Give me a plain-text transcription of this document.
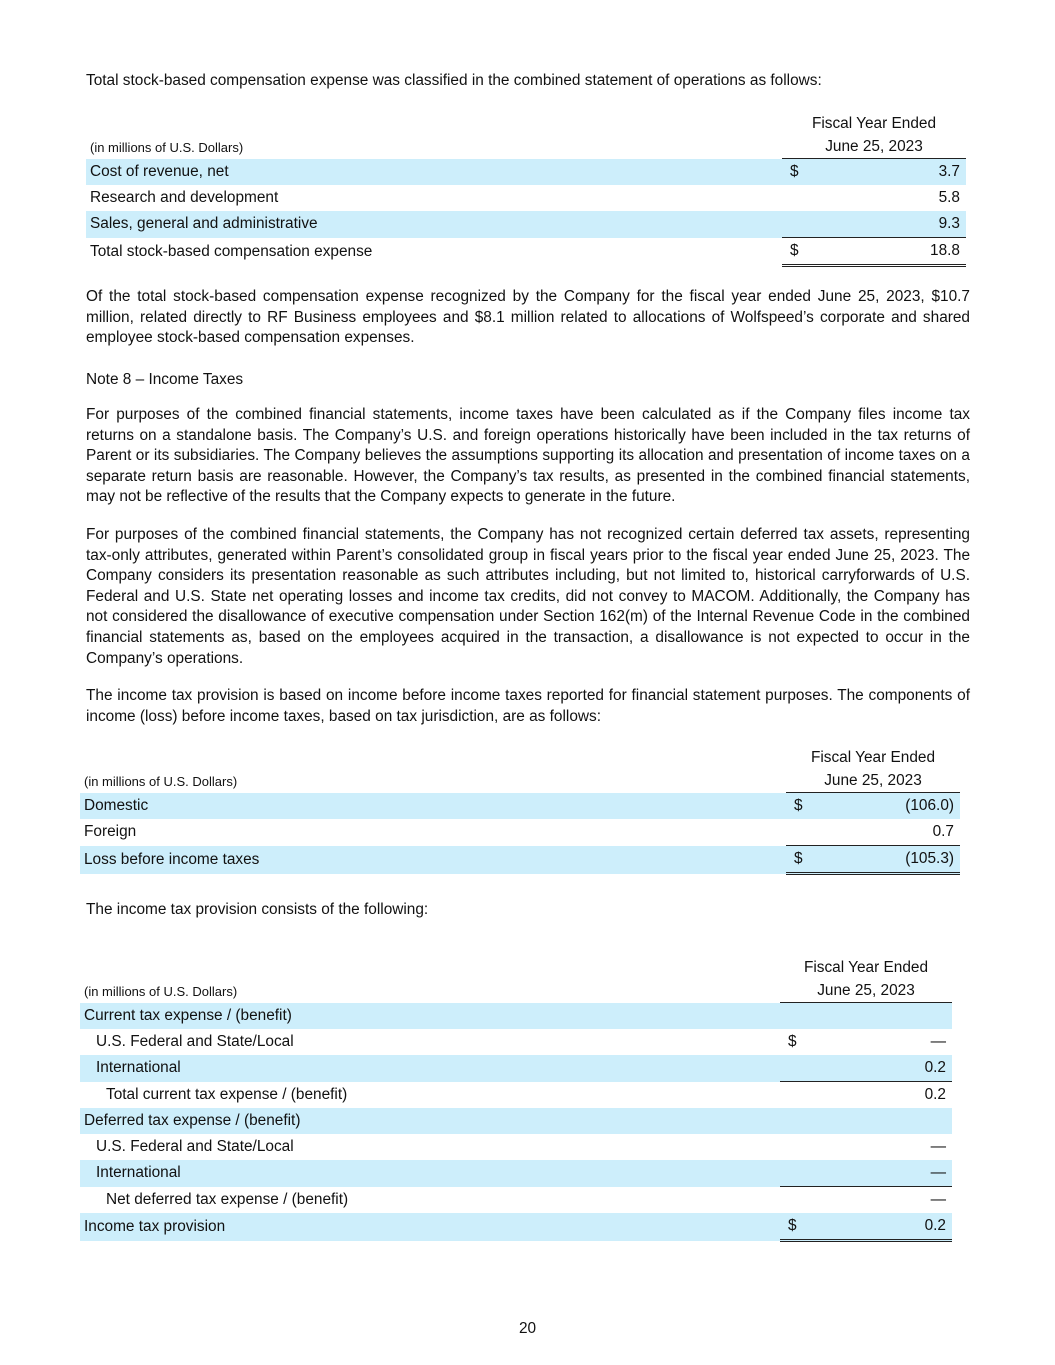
Total stock-based compensation expense was classified in the combined statement of operations as follows:

(in millions of U.S. Dollars)	Fiscal Year Ended
June 25, 2023	

Cost of revenue, net	$	3.7
Research and development		5.8
Sales, general and administrative		9.3
Total stock-based compensation expense	$	18.8

Of the total stock-based compensation expense recognized by the Company for the fiscal year ended June 25, 2023, $10.7 million, related directly to RF Business employees and $8.1 million related to allocations of Wolfspeed’s corporate and shared employee stock-based compensation expenses.

Note 8 – Income Taxes

For purposes of the combined financial statements, income taxes have been calculated as if the Company files income tax returns on a standalone basis. The Company’s U.S. and foreign operations historically have been included in the tax returns of Parent or its subsidiaries. The Company believes the assumptions supporting its allocation and presentation of income taxes on a separate return basis are reasonable. However, the Company’s tax results, as presented in the combined financial statements, may not be reflective of the results that the Company expects to generate in the future.

For purposes of the combined financial statements, the Company has not recognized certain deferred tax assets, representing tax-only attributes, generated within Parent’s consolidated group in fiscal years prior to the fiscal year ended June 25, 2023. The Company considers its presentation reasonable as such attributes including, but not limited to, historical carryforwards of U.S. Federal and U.S. State net operating losses and income tax credits, did not convey to MACOM. Additionally, the Company has not considered the disallowance of executive compensation under Section 162(m) of the Internal Revenue Code in the combined financial statements as, based on the employees acquired in the transaction, a disallowance is not expected to occur in the Company’s operations.

The income tax provision is based on income before income taxes reported for financial statement purposes. The components of income (loss) before income taxes, based on tax jurisdiction, are as follows:

(in millions of U.S. Dollars)	Fiscal Year Ended
June 25, 2023	

Domestic	$	(106.0)
Foreign		0.7
Loss before income taxes	$	(105.3)

The income tax provision consists of the following:

(in millions of U.S. Dollars)	Fiscal Year Ended
June 25, 2023	

Current tax expense / (benefit)		
U.S. Federal and State/Local	$	—
International		0.2
Total current tax expense / (benefit)		0.2
Deferred tax expense / (benefit)		
U.S. Federal and State/Local		—
International		—
Net deferred tax expense / (benefit)		—
Income tax provision	$	0.2
20
